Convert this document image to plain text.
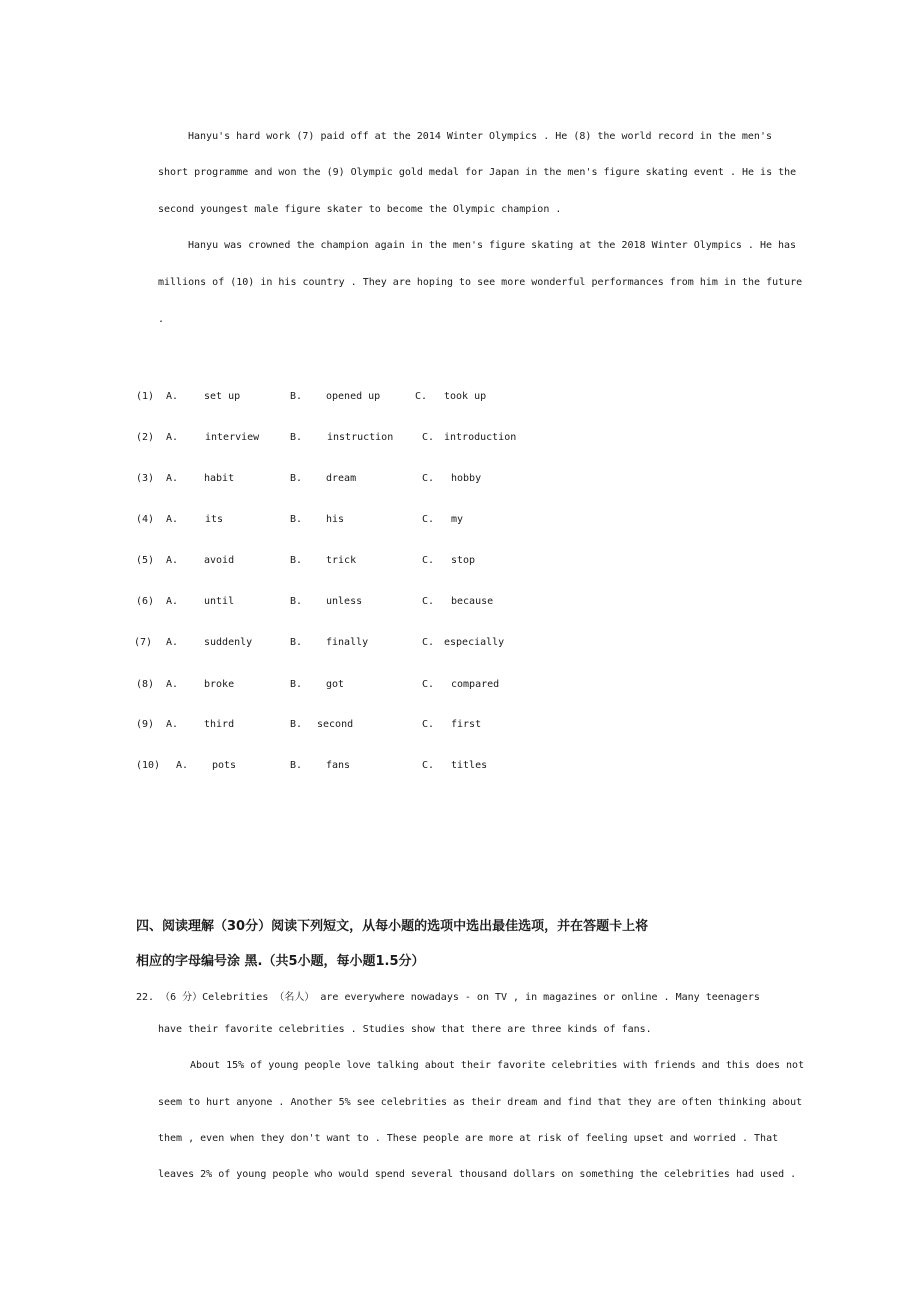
Hanyu's hard work (7) paid off at the 2014 Winter Olympics . He (8) the world record in the men's
short programme and won the (9) Olympic gold medal for Japan in the men's figure skating event . He is the
second youngest male figure skater to become the Olympic champion .
Hanyu was crowned the champion again in the men's figure skating at the 2018 Winter Olympics . He has
millions of (10) in his country . They are hoping to see more wonderful performances from him in the future
.
(1) A.	set up	B. opened up	C. took up
(2) A.	interview	B. instruction	C. introduction
(3) A.	habit	B. dream	C. hobby
(4) A.	its	B. his	C. my
(5) A.	avoid	B. trick	C. stop
(6) A.	until	B. unless	C. because
(7) A.	suddenly	B. finally	C. especially
(8) A.	broke	B. got	C. compared
(9) A.	third	B. second	C. first
(10) A. pots	B. fans	C. titles
四、阅读理解（30分）阅读下列短文，从每小题的选项中选出最佳选项，并在答题卡上将
相应的字母编号涂 黑.（共5小题，每小题1.5分）
22. （6 分）Celebrities （名人） are everywhere nowadays - on TV , in magazines or online . Many teenagers
have their favorite celebrities . Studies show that there are three kinds of fans.
About 15% of young people love talking about their favorite celebrities with friends and this does not
seem to hurt anyone . Another 5% see celebrities as their dream and find that they are often thinking about
them , even when they don't want to . These people are more at risk of feeling upset and worried . That
leaves 2% of young people who would spend several thousand dollars on something the celebrities had used .
